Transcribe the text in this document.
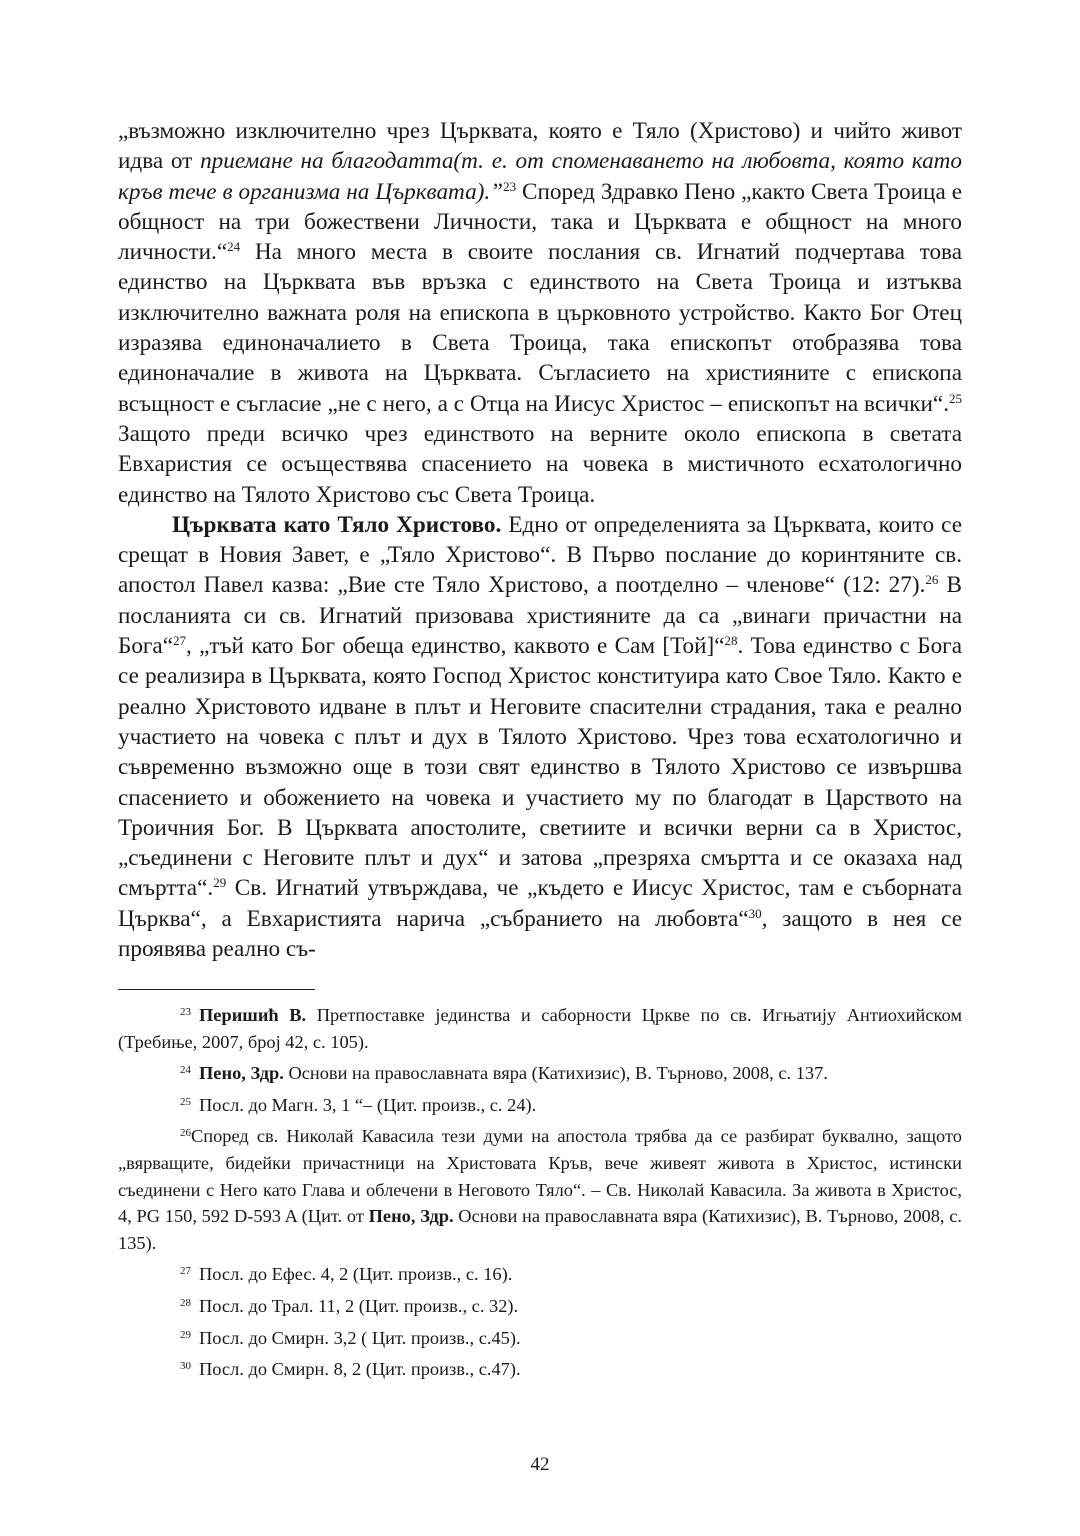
„възможно изключително чрез Църквата, която е Тяло (Христово) и чийто живот идва от приемане на благодатта(т. е. от споменаването на любовта, която като кръв тече в организма на Църквата).”$^{23}$ Според Здравко Пено „както Света Троица е общност на три божествени Личности, така и Църквата е общност на много личности.“$^{24}$ На много места в своите послания св. Игнатий подчертава това единство на Църквата във връзка с единството на Света Троица и изтъква изключително важната роля на епископа в църковното устройство. Както Бог Отец изразява единоначалието в Света Троица, така епископът отобразява това единоначалие в живота на Църквата. Съгласието на християните с епископа всъщност е съгласие „не с него, а с Отца на Иисус Христос – епископът на всички“.$^{25}$ Защото преди всичко чрез единството на верните около епископа в светата Евхаристия се осъществява спасението на човека в мистичното есхатологично единство на Тялото Христово със Света Троица.

Църквата като Тяло Христово. Едно от определенията за Църквата, които се срещат в Новия Завет, е „Тяло Христово“. В Първо послание до коринтяните св. апостол Павел казва: „Вие сте Тяло Христово, а поотделно – членове“ (12: 27).$^{26}$ В посланията си св. Игнатий призовава християните да са „винаги причастни на Бога“$^{27}$, „тъй като Бог обеща единство, каквото е Сам [Той]“$^{28}$. Това единство с Бога се реализира в Църквата, която Господ Христос конституира като Свое Тяло. Както е реално Христовото идване в плът и Неговите спасителни страдания, така е реално участието на човека с плът и дух в Тялото Христово. Чрез това есхатологично и съвременно възможно още в този свят единство в Тялото Христово се извършва спасението и обожението на човека и участието му по благодат в Царството на Троичния Бог. В Църквата апостолите, светиите и всички верни са в Христос, „съединени с Неговите плът и дух“ и затова „презряха смъртта и се оказаха над смъртта“.$^{29}$ Св. Игнатий утвърждава, че „където е Иисус Христос, там е съборната Църква“, а Евхаристията нарича „събранието на любовта“$^{30}$, защото в нея се проявява реално съ-

$^{23}$ Перишић В. Претпоставке јединства и саборности Цркве по св. Игњатију Антиохийском (Требиње, 2007, број 42, с. 105).

$^{24}$ Пено, Здр. Основи на православната вяра (Катихизис), В. Търново, 2008, с. 137.

$^{25}$ Посл. до Магн. 3, 1 “– (Цит. произв., с. 24).

$^{26}$Според св. Николай Кавасила тези думи на апостола трябва да се разбират буквално, защото „вярващите, бидейки причастници на Христовата Кръв, вече живеят живота в Христос, истински съединени с Него като Глава и облечени в Неговото Тяло“. – Св. Николай Кавасила. За живота в Христос, 4, PG 150, 592 D-593 A (Цит. от Пено, Здр. Основи на православната вяра (Катихизис), В. Търново, 2008, с. 135).

$^{27}$ Посл. до Ефес. 4, 2 (Цит. произв., с. 16).

$^{28}$ Посл. до Трал. 11, 2 (Цит. произв., с. 32).

$^{29}$ Посл. до Смирн. 3,2 ( Цит. произв., с.45).

$^{30}$ Посл. до Смирн. 8, 2 (Цит. произв., с.47).

42
